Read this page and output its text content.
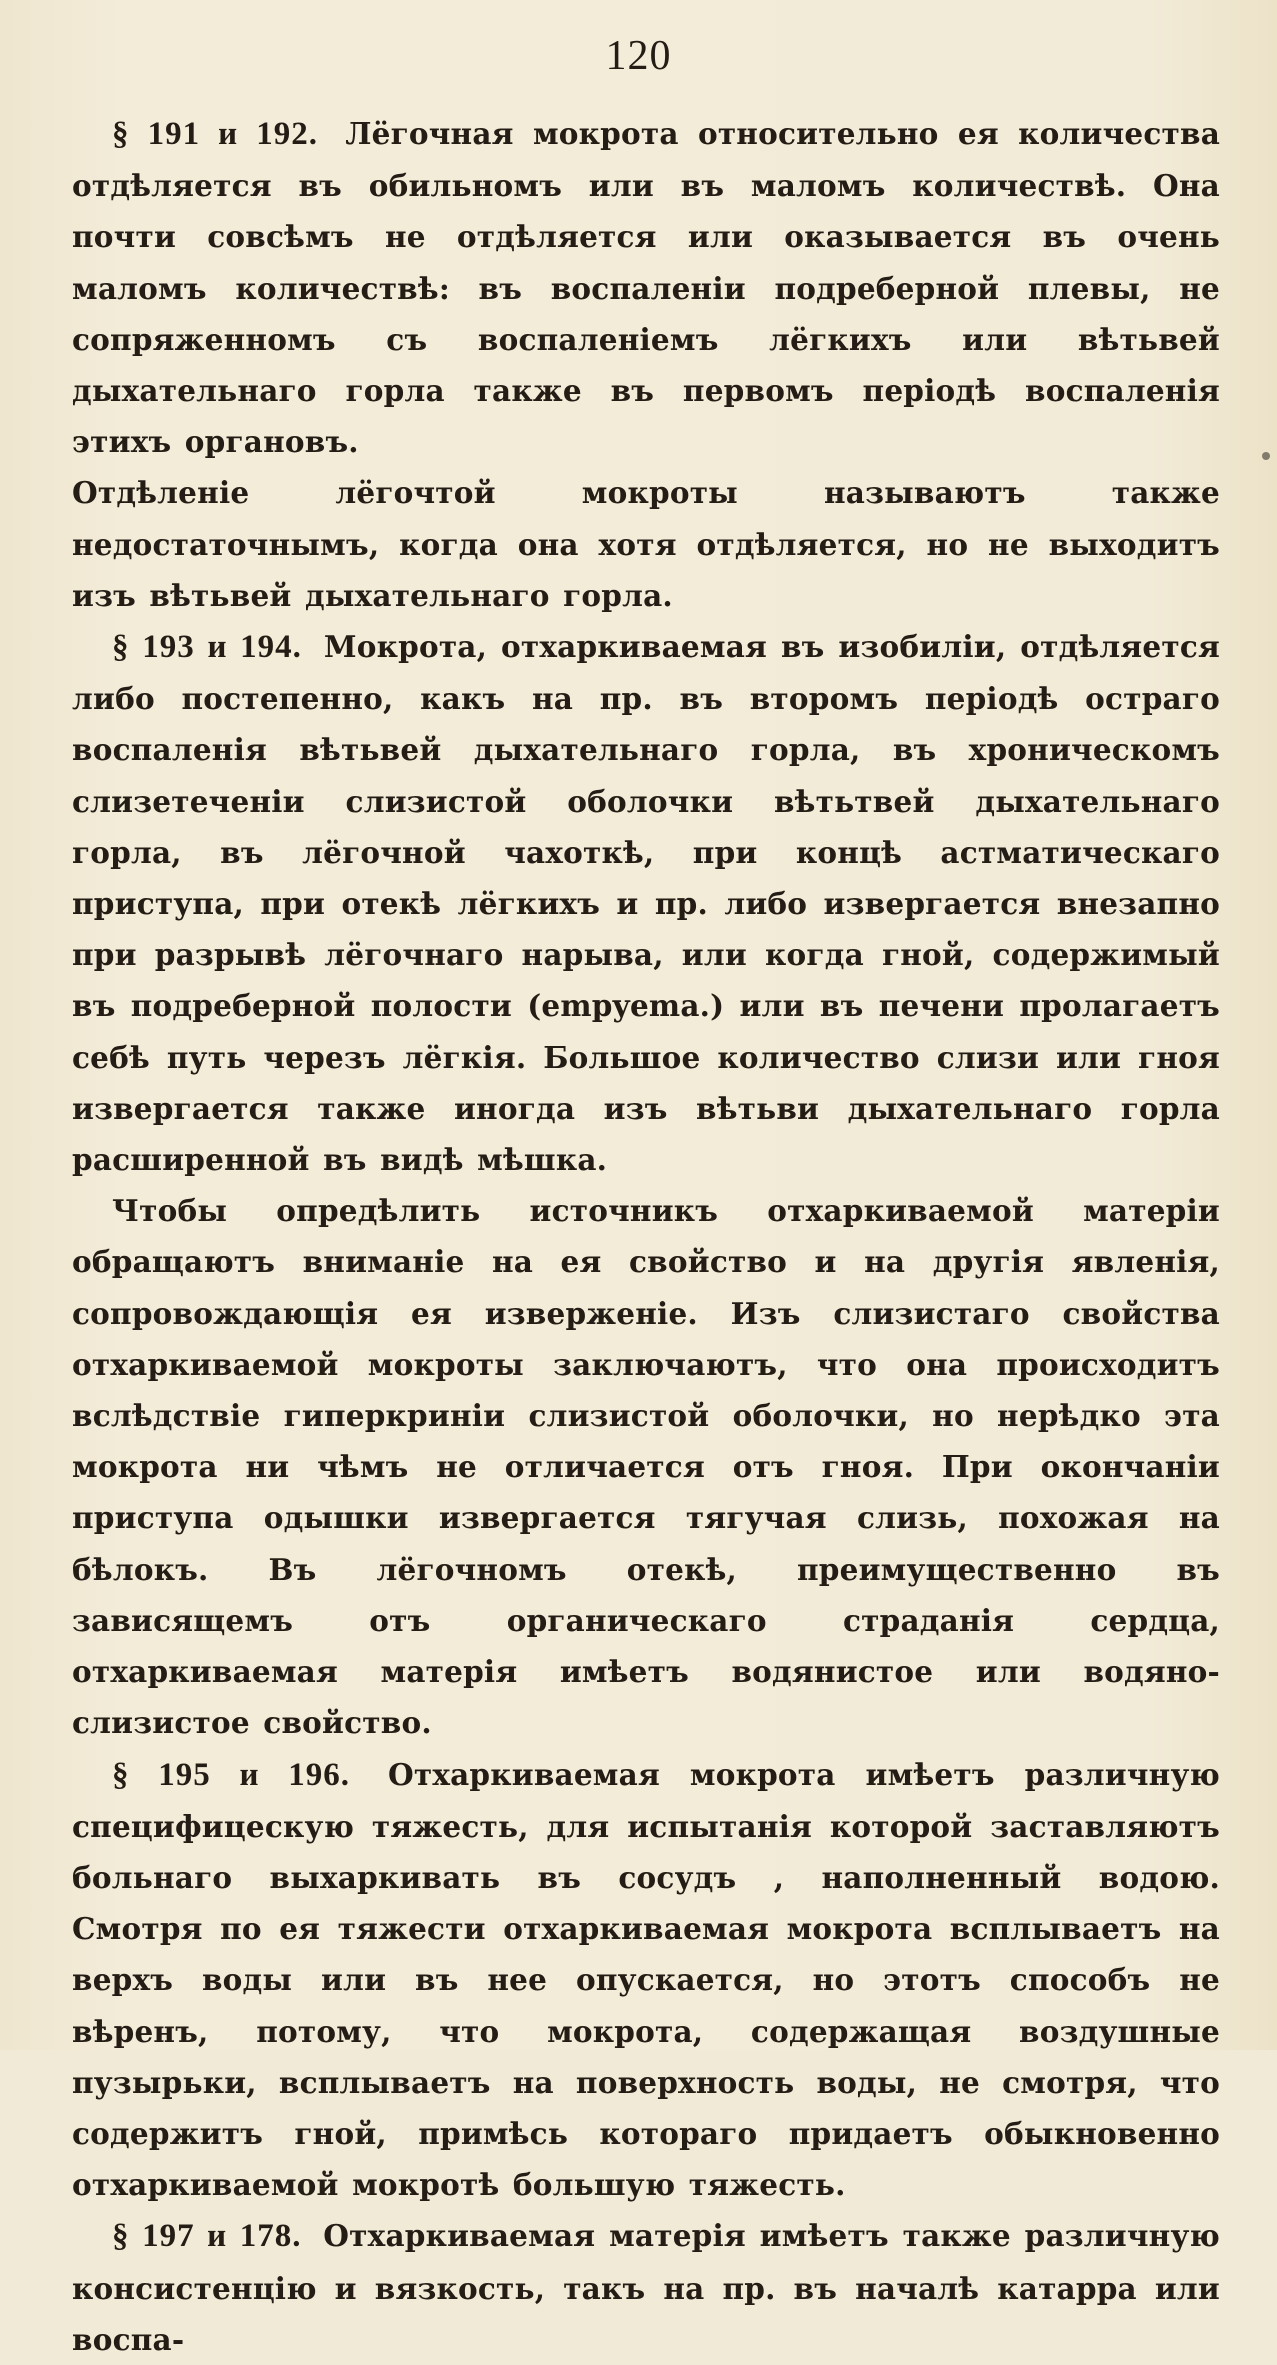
120

§ 191 и 192. Лёгочная мокрота относительно ея количества отдѣляется въ обильномъ или въ маломъ количествѣ. Она почти совсѣмъ не отдѣляется или оказывается въ очень маломъ количествѣ: въ воспаленіи подреберной плевы, не сопряженномъ съ воспаленіемъ лёгкихъ или вѣтьвей дыхательнаго горла также въ первомъ періодѣ воспаленія этихъ органовъ.

Отдѣленіе лёгочтой мокроты называютъ также недостаточнымъ, когда она хотя отдѣляется, но не выходитъ изъ вѣтьвей дыхательнаго горла.

§ 193 и 194. Мокрота, отхаркиваемая въ изобиліи, отдѣляется либо постепенно, какъ на пр. въ второмъ періодѣ остраго воспаленія вѣтьвей дыхательнаго горла, въ хроническомъ слизетеченіи слизистой оболочки вѣтьтвей дыхательнаго горла, въ лёгочной чахоткѣ, при концѣ астматическаго приступа, при отекѣ лёгкихъ и пр. либо извергается внезапно при разрывѣ лёгочнаго нарыва, или когда гной, содержимый въ подреберной полости (empyema.) или въ печени пролагаетъ себѣ путь черезъ лёгкія. Большое количество слизи или гноя извергается также иногда изъ вѣтьви дыхательнаго горла расширенной въ видѣ мѣшка.

Чтобы опредѣлить источникъ отхаркиваемой матеріи обращаютъ вниманіе на ея свойство и на другія явленія, сопровождающія ея изверженіе. Изъ слизистаго свойства отхаркиваемой мокроты заключаютъ, что она происходитъ вслѣдствіе гиперкриніи слизистой оболочки, но нерѣдко эта мокрота ни чѣмъ не отличается отъ гноя. При окончаніи приступа одышки извергается тягучая слизь, похожая на бѣлокъ. Въ лёгочномъ отекѣ, преимущественно въ зависящемъ отъ органическаго страданія сердца, отхаркиваемая матерія имѣетъ водянистое или водяно-слизистое свойство.

§ 195 и 196. Отхаркиваемая мокрота имѣетъ различную специфицескую тяжесть, для испытанія которой заставляютъ больнаго выхаркивать въ сосудъ , наполненный водою. Смотря по ея тяжести отхаркиваемая мокрота всплываетъ на верхъ воды или въ нее опускается, но этотъ способъ не вѣренъ, потому, что мокрота, содержащая воздушные пузырьки, всплываетъ на поверхность воды, не смотря, что содержитъ гной, примѣсь котораго придаетъ обыкновенно отхаркиваемой мокротѣ большую тяжесть.

§ 197 и 178. Отхаркиваемая матерія имѣетъ также различную консистенцію и вязкость, такъ на пр. въ началѣ катарра или воспа-
